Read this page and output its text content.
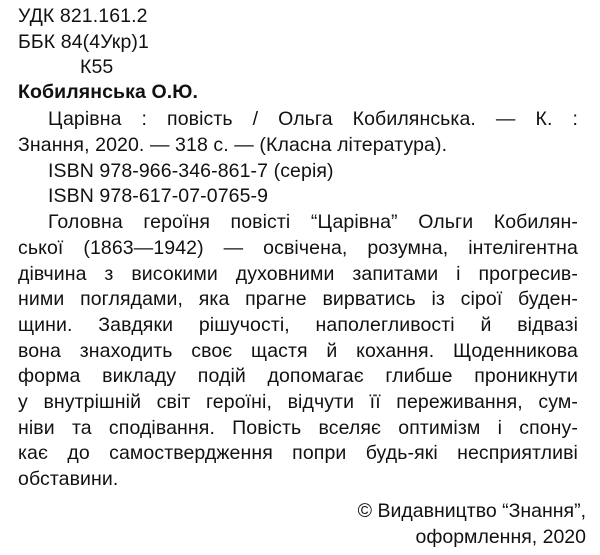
УДК 821.161.2
ББК 84(4Укр)1
К55
Кобилянська О.Ю.
Царівна : повість / Ольга Кобилянська. — К. :
Знання, 2020. — 318 с. — (Класна література).
ISBN 978-966-346-861-7 (серія)
ISBN 978-617-07-0765-9
Головна героїня повісті “Царівна” Ольги Кобилян-
ської (1863—1942) — освічена, розумна, інтелігентна
дівчина з високими духовними запитами і прогресив-
ними поглядами, яка прагне вирватись із сірої буден-
щини. Завдяки рішучості, наполегливості й відвазі
вона знаходить своє щастя й кохання. Щоденникова
форма викладу подій допомагає глибше проникнути
у внутрішній світ героїні, відчути її переживання, сум-
ніви та сподівання. Повість вселяє оптимізм і спону-
кає до самоствердження попри будь-які несприятливі
обставини.
© Видавництво “Знання”,
оформлення, 2020
